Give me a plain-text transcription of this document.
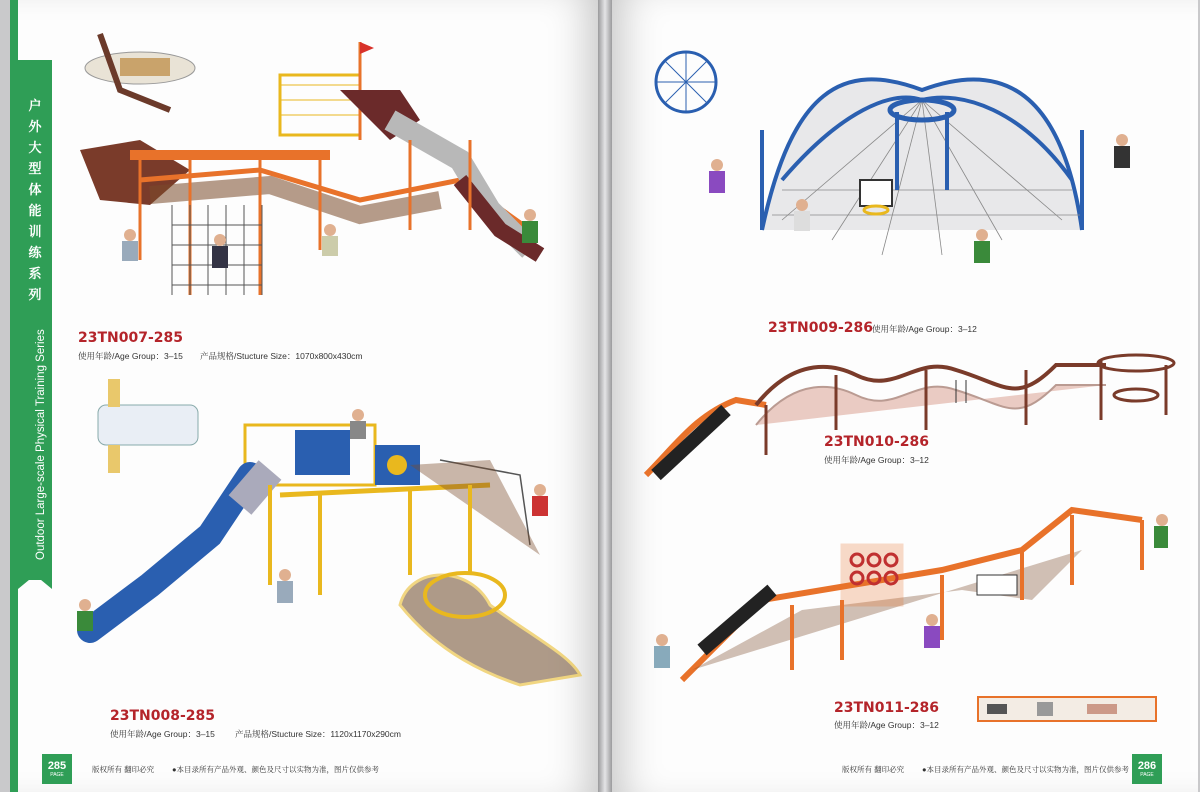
户外大型体能训练系列
Outdoor Large-scale Physical Training Series 23TN007-285
使用年龄/Age Group：3–15 产品规格/Stucture Size：1070x800x430cm
23TN008-285
使用年龄/Age Group：3–15 产品规格/Stucture Size：1120x1170x290cm
285
PAGE
版权所有 翻印必究 ●本目录所有产品外观、颜色及尺寸以实物为准，图片仅供参考
23TN009-286
使用年龄/Age Group：3–12
23TN010-286
使用年龄/Age Group：3–12
23TN011-286
使用年龄/Age Group：3–12
286
PAGE
版权所有 翻印必究 ●本目录所有产品外观、颜色及尺寸以实物为准，图片仅供参考
